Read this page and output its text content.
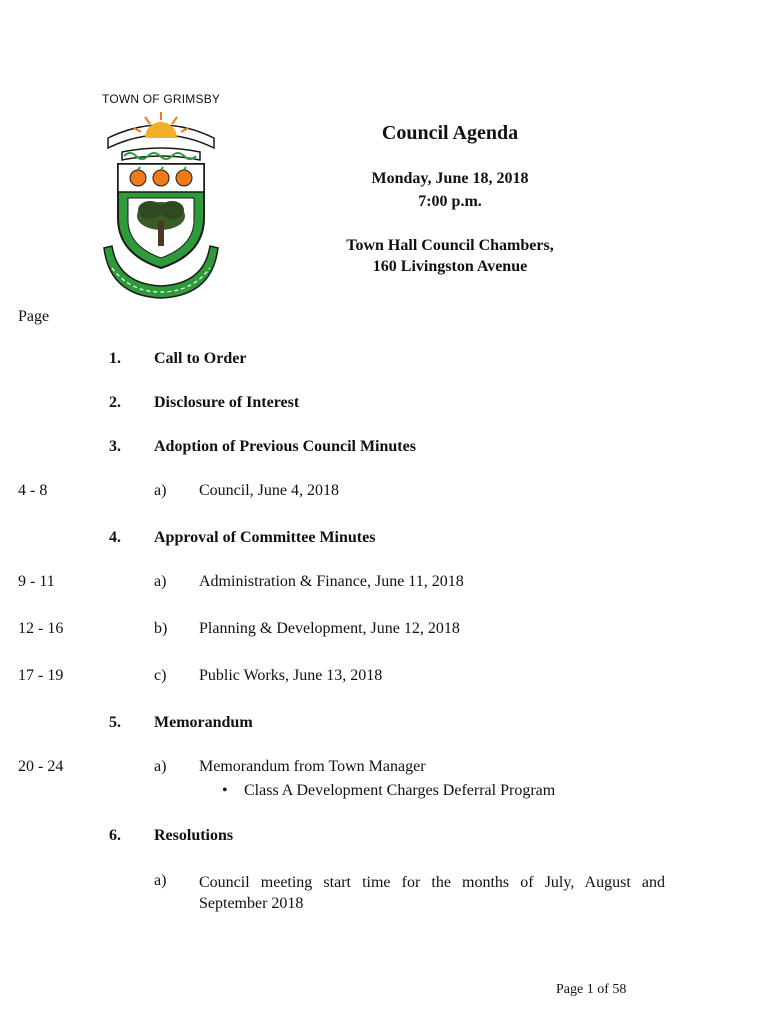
TOWN OF GRIMSBY
Council Agenda
Monday, June 18, 2018
7:00 p.m.
Town Hall Council Chambers,
160 Livingston Avenue
Page
1. Call to Order
2. Disclosure of Interest
3. Adoption of Previous Council Minutes
4 - 8	a) Council, June 4, 2018
4. Approval of Committee Minutes
9 - 11	a) Administration & Finance, June 11, 2018
12 - 16	b) Planning & Development, June 12, 2018
17 - 19	c) Public Works, June 13, 2018
5. Memorandum
20 - 24	a) Memorandum from Town Manager
• Class A Development Charges Deferral Program
6. Resolutions
a) Council meeting start time for the months of July, August and September 2018
Page 1 of 58
